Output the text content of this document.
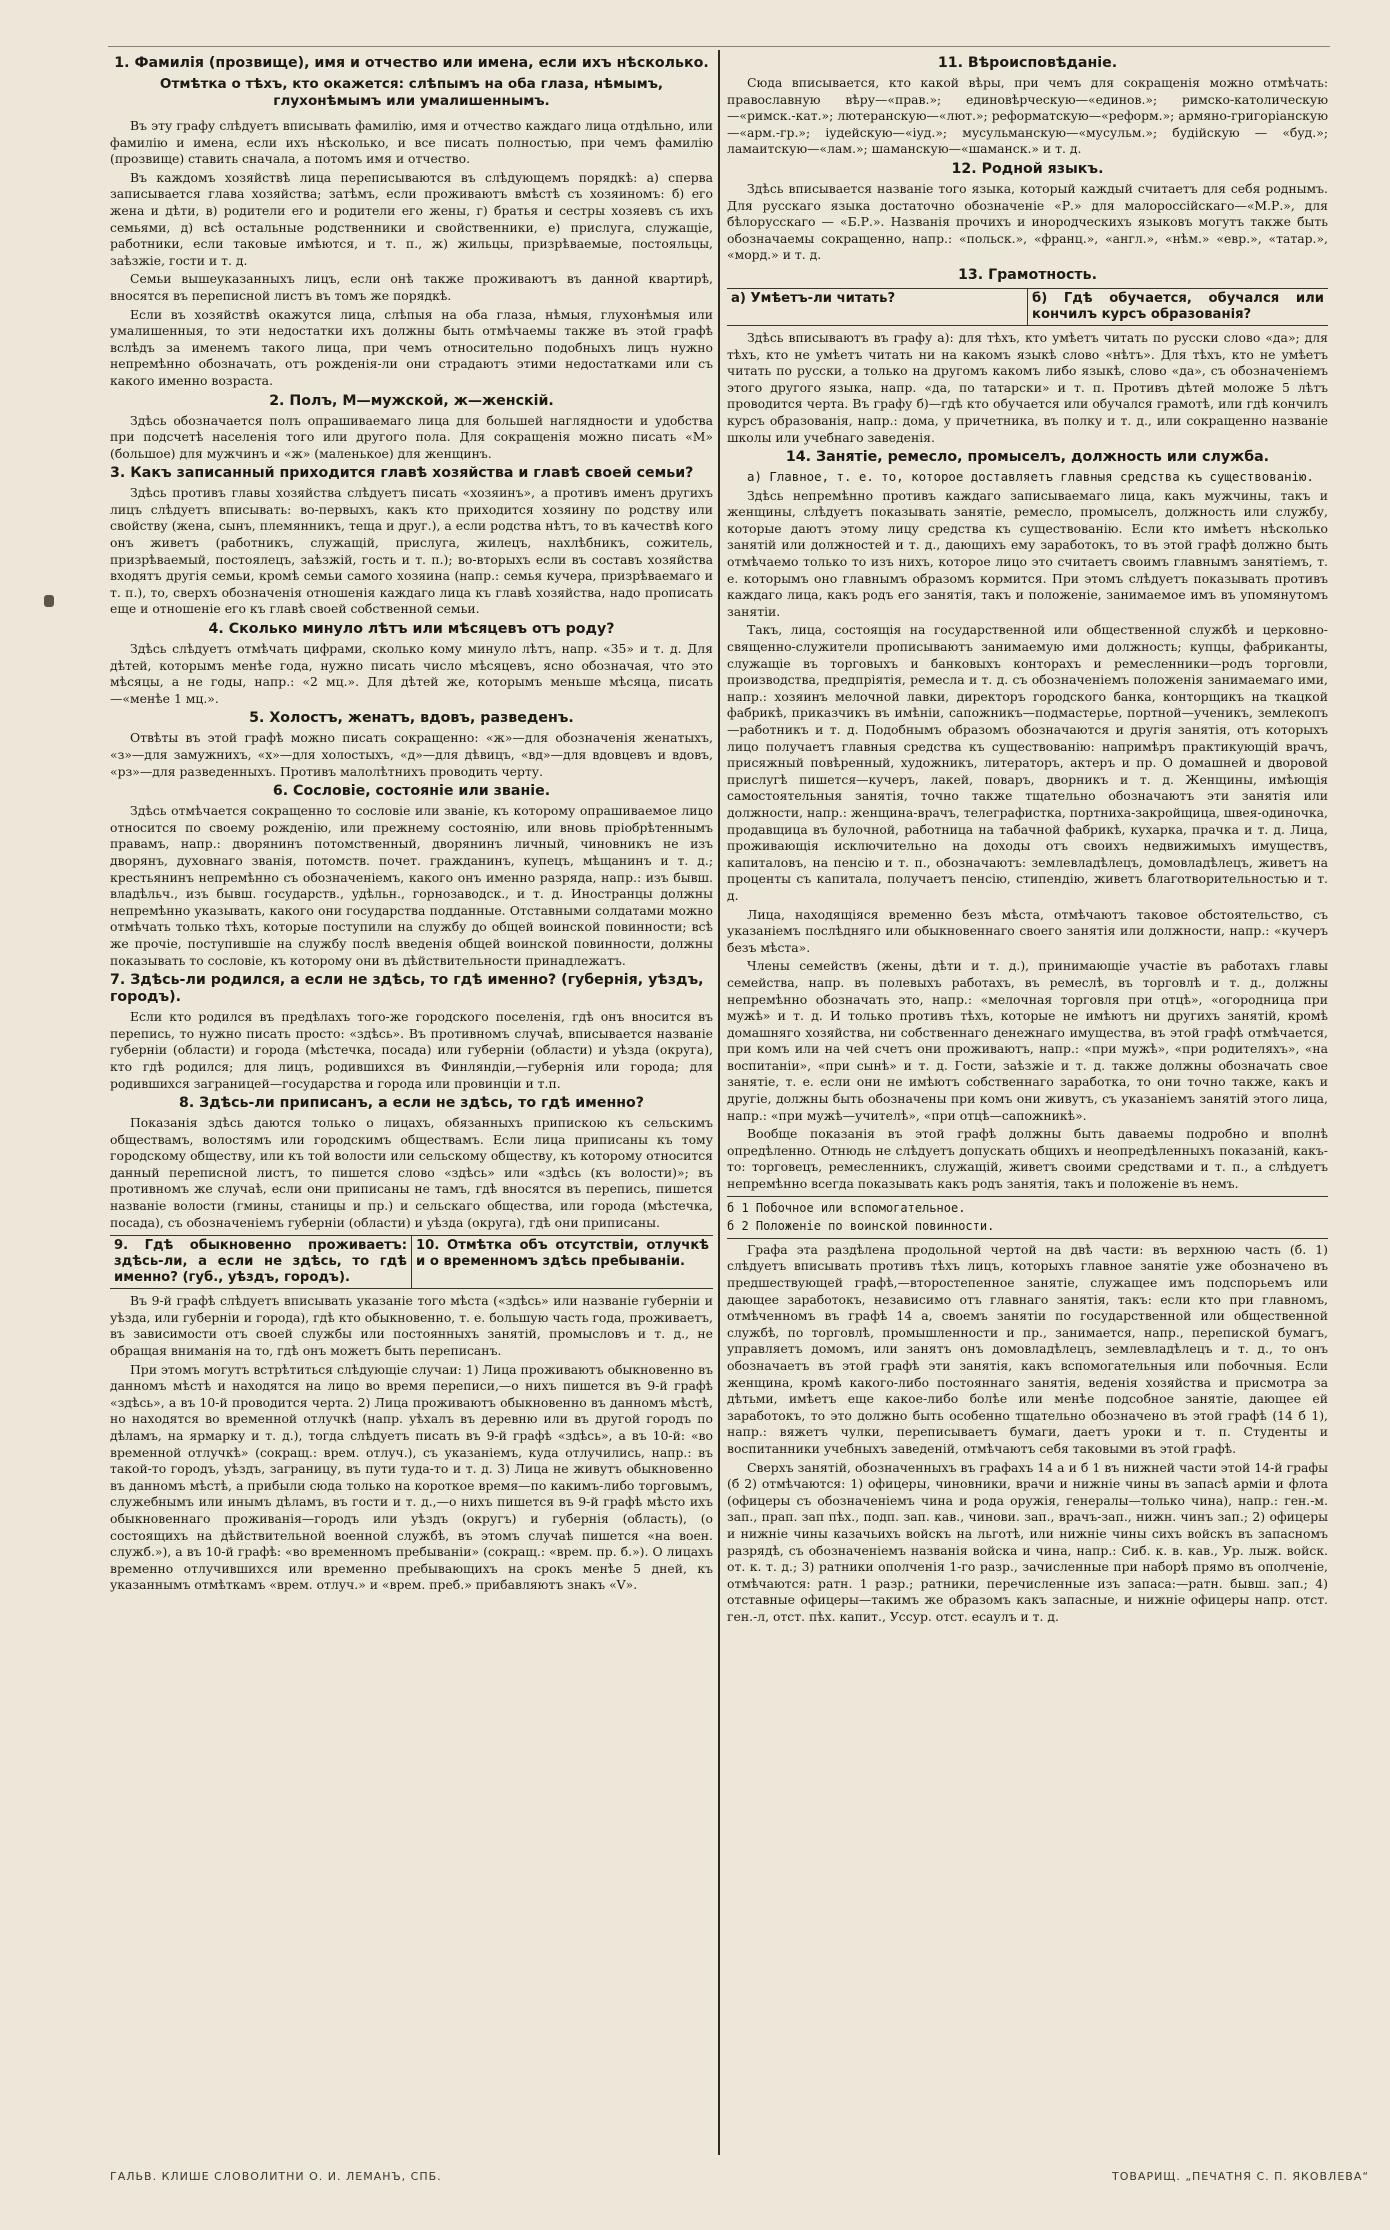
1. Фамилія (прозвище), имя и отчество или имена, если ихъ нѣсколько.
Отмѣтка о тѣхъ, кто окажется: слѣпымъ на оба глаза, нѣмымъ, глухонѣмымъ или умалишеннымъ.

Въ эту графу слѣдуетъ вписывать фамилію, имя и отчество каждаго лица отдѣльно, или фамилію и имена, если ихъ нѣсколько, и все писать полностью, при чемъ фамилію (прозвище) ставить сначала, а потомъ имя и отчество.

Въ каждомъ хозяйствѣ лица переписываются въ слѣдующемъ порядкѣ: а) сперва записывается глава хозяйства; затѣмъ, если проживаютъ вмѣстѣ съ хозяиномъ: б) его жена и дѣти, в) родители его и родители его жены, г) братья и сестры хозяевъ съ ихъ семьями, д) всѣ остальные родственники и свойственники, е) прислуга, служащіе, работники, если таковые имѣются, и т. п., ж) жильцы, призрѣваемые, постояльцы, заѣзжіе, гости и т. д.

Семьи вышеуказанныхъ лицъ, если онѣ также проживаютъ въ данной квартирѣ, вносятся въ переписной листъ въ томъ же порядкѣ.

Если въ хозяйствѣ окажутся лица, слѣпыя на оба глаза, нѣмыя, глухонѣмыя или умалишенныя, то эти недостатки ихъ должны быть отмѣчаемы также въ этой графѣ вслѣдъ за именемъ такого лица, при чемъ относительно подобныхъ лицъ нужно непремѣнно обозначать, отъ рожденія-ли они страдаютъ этими недостатками или съ какого именно возраста.

2. Полъ, М—мужской, ж—женскій.

Здѣсь обозначается полъ опрашиваемаго лица для большей наглядности и удобства при подсчетѣ населенія того или другого пола. Для сокращенія можно писать «М» (большое) для мужчинъ и «ж» (маленькое) для женщинъ.

3. Какъ записанный приходится главѣ хозяйства и главѣ своей семьи?

Здѣсь противъ главы хозяйства слѣдуетъ писать «хозяинъ», а противъ именъ другихъ лицъ слѣдуетъ вписывать: во-первыхъ, какъ кто приходится хозяину по родству или свойству (жена, сынъ, племянникъ, теща и друг.), а если родства нѣтъ, то въ качествѣ кого онъ живетъ (работникъ, служащій, прислуга, жилецъ, нахлѣбникъ, сожитель, призрѣваемый, постоялецъ, заѣзжій, гость и т. п.); во-вторыхъ если въ составъ хозяйства входятъ другія семьи, кромѣ семьи самого хозяина (напр.: семья кучера, призрѣваемаго и т. п.), то, сверхъ обозначенія отношенія каждаго лица къ главѣ хозяйства, надо прописать еще и отношеніе его къ главѣ своей собственной семьи.

4. Сколько минуло лѣтъ или мѣсяцевъ отъ роду?

Здѣсь слѣдуетъ отмѣчать цифрами, сколько кому минуло лѣтъ, напр. «35» и т. д. Для дѣтей, которымъ менѣе года, нужно писать число мѣсяцевъ, ясно обозначая, что это мѣсяцы, а не годы, напр.: «2 мц.». Для дѣтей же, которымъ меньше мѣсяца, писать—«менѣе 1 мц.».

5. Холостъ, женатъ, вдовъ, разведенъ.

Отвѣты въ этой графѣ можно писать сокращенно: «ж»—для обозначенія женатыхъ, «з»—для замужнихъ, «х»—для холостыхъ, «д»—для дѣвицъ, «вд»—для вдовцевъ и вдовъ, «рз»—для разведенныхъ. Противъ малолѣтнихъ проводить черту.

6. Сословіе, состояніе или званіе.

Здѣсь отмѣчается сокращенно то сословіе или званіе, къ которому опрашиваемое лицо относится по своему рожденію, или прежнему состоянію, или вновь пріобрѣтеннымъ правамъ, напр.: дворянинъ потомственный, дворянинъ личный, чиновникъ не изъ дворянъ, духовнаго званія, потомств. почет. гражданинъ, купецъ, мѣщанинъ и т. д.; крестьянинъ непремѣнно съ обозначеніемъ, какого онъ именно разряда, напр.: изъ бывш. владѣльч., изъ бывш. государств., удѣльн., горнозаводск., и т. д. Иностранцы должны непремѣнно указывать, какого они государства подданные. Отставными солдатами можно отмѣчать только тѣхъ, которые поступили на службу до общей воинской повинности; всѣ же прочіе, поступившіе на службу послѣ введенія общей воинской повинности, должны показывать то сословіе, къ которому они въ дѣйствительности принадлежатъ.

7. Здѣсь-ли родился, а если не здѣсь, то гдѣ именно? (губернія, уѣздъ, городъ).

Если кто родился въ предѣлахъ того-же городского поселенія, гдѣ онъ вносится въ перепись, то нужно писать просто: «здѣсь». Въ противномъ случаѣ, вписывается названіе губерніи (области) и города (мѣстечка, посада) или губерніи (области) и уѣзда (округа), кто гдѣ родился; для лицъ, родившихся въ Финляндіи,—губернія или города; для родившихся заграницей—государства и города или провинціи и т.п.

8. Здѣсь-ли приписанъ, а если не здѣсь, то гдѣ именно?

Показанія здѣсь даются только о лицахъ, обязанныхъ припискою къ сельскимъ обществамъ, волостямъ или городскимъ обществамъ. Если лица приписаны къ тому городскому обществу, или къ той волости или сельскому обществу, къ которому относится данный переписной листъ, то пишется слово «здѣсь» или «здѣсь (къ волости)»; въ противномъ же случаѣ, если они приписаны не тамъ, гдѣ вносятся въ перепись, пишется названіе волости (гмины, станицы и пр.) и сельскаго общества, или города (мѣстечка, посада), съ обозначеніемъ губерніи (области) и уѣзда (округа), гдѣ они приписаны.

9. Гдѣ обыкновенно проживаетъ: здѣсь-ли, а если не здѣсь, то гдѣ именно? (губ., уѣздъ, городъ).
10. Отмѣтка объ отсутствіи, отлучкѣ и о временномъ здѣсь пребываніи.

Въ 9-й графѣ слѣдуетъ вписывать указаніе того мѣста («здѣсь» или названіе губерніи и уѣзда, или губерніи и города), гдѣ кто обыкновенно, т. е. большую часть года, проживаетъ, въ зависимости отъ своей службы или постоянныхъ занятій, промысловъ и т. д., не обращая вниманія на то, гдѣ онъ можетъ быть переписанъ.

При этомъ могутъ встрѣтиться слѣдующіе случаи: 1) Лица проживаютъ обыкновенно въ данномъ мѣстѣ и находятся на лицо во время переписи,—о нихъ пишется въ 9-й графѣ «здѣсь», а въ 10-й проводится черта. 2) Лица проживаютъ обыкновенно въ данномъ мѣстѣ, но находятся во временной отлучкѣ (напр. уѣхалъ въ деревню или въ другой городъ по дѣламъ, на ярмарку и т. д.), тогда слѣдуетъ писать въ 9-й графѣ «здѣсь», а въ 10-й: «во временной отлучкѣ» (сокращ.: врем. отлуч.), съ указаніемъ, куда отлучились, напр.: въ такой-то городъ, уѣздъ, заграницу, въ пути туда-то и т. д. 3) Лица не живутъ обыкновенно въ данномъ мѣстѣ, а прибыли сюда только на короткое время—по какимъ-либо торговымъ, служебнымъ или инымъ дѣламъ, въ гости и т. д.,—о нихъ пишется въ 9-й графѣ мѣсто ихъ обыкновеннаго проживанія—городъ или уѣздъ (округъ) и губернія (область), (о состоящихъ на дѣйствительной военной службѣ, въ этомъ случаѣ пишется «на воен. служб.»), а въ 10-й графѣ: «во временномъ пребываніи» (сокращ.: «врем. пр. б.»). О лицахъ временно отлучившихся или временно пребывающихъ на срокъ менѣе 5 дней, къ указаннымъ отмѣткамъ «врем. отлуч.» и «врем. преб.» прибавляютъ знакъ «V».

11. Вѣроисповѣданіе.

Сюда вписывается, кто какой вѣры, при чемъ для сокращенія можно отмѣчать: православную вѣру—«прав.»; единовѣрческую—«единов.»; римско-католическую—«римск.-кат.»; лютеранскую—«лют.»; реформатскую—«реформ.»; армяно-григоріанскую—«арм.-гр.»; іудейскую—«іуд.»; мусульманскую—«мусульм.»; будійскую — «буд.»; ламаитскую—«лам.»; шаманскую—«шаманск.» и т. д.

12. Родной языкъ.

Здѣсь вписывается названіе того языка, который каждый считаетъ для себя роднымъ. Для русскаго языка достаточно обозначеніе «Р.» для малороссійскаго—«М.Р.», для бѣлорусскаго — «Б.Р.». Названія прочихъ и инородческихъ языковъ могутъ также быть обозначаемы сокращенно, напр.: «польск.», «франц.», «англ.», «нѣм.» «евр.», «татар.», «морд.» и т. д.

13. Грамотность.
а) Умѣетъ-ли читать?	б) Гдѣ обучается, обучался или кончилъ курсъ образованія?

Здѣсь вписываютъ въ графу а): для тѣхъ, кто умѣетъ читать по русски слово «да»; для тѣхъ, кто не умѣетъ читать ни на какомъ языкѣ слово «нѣтъ». Для тѣхъ, кто не умѣетъ читать по русски, а только на другомъ какомъ либо языкѣ, слово «да», съ обозначеніемъ этого другого языка, напр. «да, по татарски» и т. п. Противъ дѣтей моложе 5 лѣтъ проводится черта. Въ графу б)—гдѣ кто обучается или обучался грамотѣ, или гдѣ кончилъ курсъ образованія, напр.: дома, у причетника, въ полку и т. д., или сокращенно названіе школы или учебнаго заведенія.

14. Занятіе, ремесло, промыселъ, должность или служба.

а) Главное, т. е. то, которое доставляетъ главныя средства къ существованію.

Здѣсь непремѣнно противъ каждаго записываемаго лица, какъ мужчины, такъ и женщины, слѣдуетъ показывать занятіе, ремесло, промыселъ, должность или службу, которые даютъ этому лицу средства къ существованію. Если кто имѣетъ нѣсколько занятій или должностей и т. д., дающихъ ему заработокъ, то въ этой графѣ должно быть отмѣчаемо только то изъ нихъ, которое лицо это считаетъ своимъ главнымъ занятіемъ, т. е. которымъ оно главнымъ образомъ кормится. При этомъ слѣдуетъ показывать противъ каждаго лица, какъ родъ его занятія, такъ и положеніе, занимаемое имъ въ упомянутомъ занятіи.

Такъ, лица, состоящія на государственной или общественной службѣ и церковно-священно-служители прописываютъ занимаемую ими должность; купцы, фабриканты, служащіе въ торговыхъ и банковыхъ конторахъ и ремесленники—родъ торговли, производства, предпріятія, ремесла и т. д. съ обозначеніемъ положенія занимаемаго ими, напр.: хозяинъ мелочной лавки, директоръ городского банка, конторщикъ на ткацкой фабрикѣ, приказчикъ въ имѣніи, сапожникъ—подмастерье, портной—ученикъ, землекопъ—работникъ и т. д. Подобнымъ образомъ обозначаются и другія занятія, отъ которыхъ лицо получаетъ главныя средства къ существованію: напримѣръ практикующій врачъ, присяжный повѣренный, художникъ, литераторъ, актеръ и пр. О домашней и дворовой прислугѣ пишется—кучеръ, лакей, поваръ, дворникъ и т. д. Женщины, имѣющія самостоятельныя занятія, точно также тщательно обозначаютъ эти занятія или должности, напр.: женщина-врачъ, телеграфистка, портниха-закройщица, швея-одиночка, продавщица въ булочной, работница на табачной фабрикѣ, кухарка, прачка и т. д. Лица, проживающія исключительно на доходы отъ своихъ недвижимыхъ имуществъ, капиталовъ, на пенсію и т. п., обозначаютъ: землевладѣлецъ, домовладѣлецъ, живетъ на проценты съ капитала, получаетъ пенсію, стипендію, живетъ благотворительностью и т. д.

Лица, находящіяся временно безъ мѣста, отмѣчаютъ таковое обстоятельство, съ указаніемъ послѣдняго или обыкновеннаго своего занятія или должности, напр.: «кучеръ безъ мѣста».

Члены семействъ (жены, дѣти и т. д.), принимающіе участіе въ работахъ главы семейства, напр. въ полевыхъ работахъ, въ ремеслѣ, въ торговлѣ и т. д., должны непремѣнно обозначать это, напр.: «мелочная торговля при отцѣ», «огородница при мужѣ» и т. д. И только противъ тѣхъ, которые не имѣютъ ни другихъ занятій, кромѣ домашняго хозяйства, ни собственнаго денежнаго имущества, въ этой графѣ отмѣчается, при комъ или на чей счетъ они проживаютъ, напр.: «при мужѣ», «при родителяхъ», «на воспитаніи», «при сынѣ» и т. д. Гости, заѣзжіе и т. д. также должны обозначать свое занятіе, т. е. если они не имѣютъ собственнаго заработка, то они точно также, какъ и другіе, должны быть обозначены при комъ они живутъ, съ указаніемъ занятій этого лица, напр.: «при мужѣ—учителѣ», «при отцѣ—сапожникѣ».

Вообще показанія въ этой графѣ должны быть даваемы подробно и вполнѣ опредѣленно. Отнюдь не слѣдуетъ допускать общихъ и неопредѣленныхъ показаній, какъ-то: торговецъ, ремесленникъ, служащій, живетъ своими средствами и т. п., а слѣдуетъ непремѣнно всегда показывать какъ родъ занятія, такъ и положеніе въ немъ.

б 1 Побочное или вспомогательное.

б 2 Положеніе по воинской повинности.

Графа эта раздѣлена продольной чертой на двѣ части: въ верхнюю часть (б. 1) слѣдуетъ вписывать противъ тѣхъ лицъ, которыхъ главное занятіе уже обозначено въ предшествующей графѣ,—второстепенное занятіе, служащее имъ подспорьемъ или дающее заработокъ, независимо отъ главнаго занятія, такъ: если кто при главномъ, отмѣченномъ въ графѣ 14 а, своемъ занятіи по государственной или общественной службѣ, по торговлѣ, промышленности и пр., занимается, напр., перепиской бумагъ, управляетъ домомъ, или занятъ онъ домовладѣлецъ, землевладѣлецъ и т. д., то онъ обозначаетъ въ этой графѣ эти занятія, какъ вспомогательныя или побочныя. Если женщина, кромѣ какого-либо постояннаго занятія, веденія хозяйства и присмотра за дѣтьми, имѣетъ еще какое-либо болѣе или менѣе подсобное занятіе, дающее ей заработокъ, то это должно быть особенно тщательно обозначено въ этой графѣ (14 б 1), напр.: вяжетъ чулки, переписываетъ бумаги, даетъ уроки и т. п. Студенты и воспитанники учебныхъ заведеній, отмѣчаютъ себя таковыми въ этой графѣ.

Сверхъ занятій, обозначенныхъ въ графахъ 14 а и б 1 въ нижней части этой 14-й графы (б 2) отмѣчаются: 1) офицеры, чиновники, врачи и нижніе чины въ запасѣ арміи и флота (офицеры съ обозначеніемъ чина и рода оружія, генералы—только чина), напр.: ген.-м. зап., прап. зап пѣх., подп. зап. кав., чинови. зап., врачъ-зап., нижн. чинъ зап.; 2) офицеры и нижніе чины казачьихъ войскъ на льготѣ, или нижніе чины сихъ войскъ въ запасномъ разрядѣ, съ обозначеніемъ названія войска и чина, напр.: Сиб. к. в. кав., Ур. лыж. войск. от. к. т. д.; 3) ратники ополченія 1-го разр., зачисленные при наборѣ прямо въ ополченіе, отмѣчаются: ратн. 1 разр.; ратники, перечисленные изъ запаса:—ратн. бывш. зап.; 4) отставные офицеры—такимъ же образомъ какъ запасные, и нижніе офицеры напр. отст. ген.-л, отст. пѣх. капит., Уссур. отст. есаулъ и т. д.

ГАЛЬВ. КЛИШЕ СЛОВОЛИТНИ О. И. ЛЕМАНЪ, СПБ.	ТОВАРИЩ. „ПЕЧАТНЯ С. П. ЯКОВЛЕВА“
